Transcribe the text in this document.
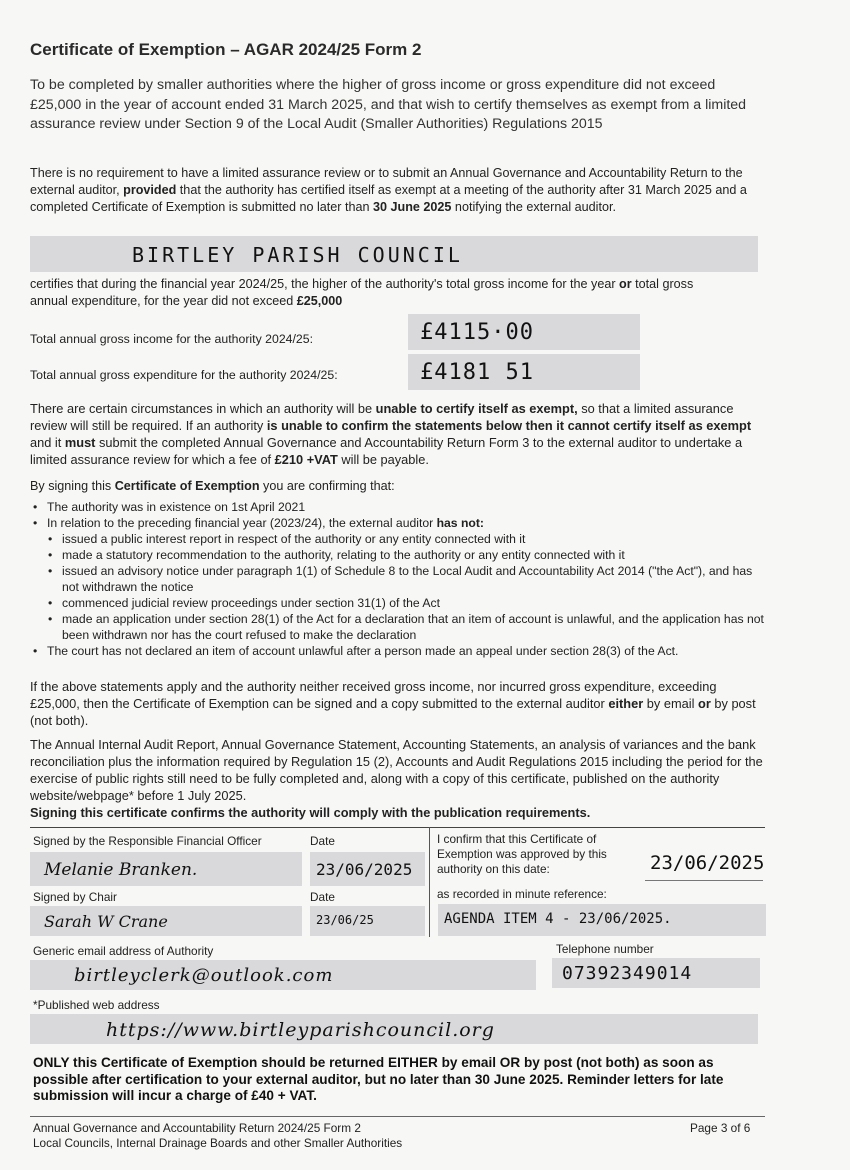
Certificate of Exemption – AGAR 2024/25 Form 2
To be completed by smaller authorities where the higher of gross income or gross expenditure did not exceed £25,000 in the year of account ended 31 March 2025, and that wish to certify themselves as exempt from a limited assurance review under Section 9 of the Local Audit (Smaller Authorities) Regulations 2015
There is no requirement to have a limited assurance review or to submit an Annual Governance and Accountability Return to the external auditor, provided that the authority has certified itself as exempt at a meeting of the authority after 31 March 2025 and a completed Certificate of Exemption is submitted no later than 30 June 2025 notifying the external auditor.
BIRTLEY PARISH COUNCIL
certifies that during the financial year 2024/25, the higher of the authority's total gross income for the year or total gross annual expenditure, for the year did not exceed £25,000
Total annual gross income for the authority 2024/25:	£4115·00
Total annual gross expenditure for the authority 2024/25:	£4181 51
There are certain circumstances in which an authority will be unable to certify itself as exempt, so that a limited assurance review will still be required. If an authority is unable to confirm the statements below then it cannot certify itself as exempt and it must submit the completed Annual Governance and Accountability Return Form 3 to the external auditor to undertake a limited assurance review for which a fee of £210 +VAT will be payable.
By signing this Certificate of Exemption you are confirming that:
• The authority was in existence on 1st April 2021
• In relation to the preceding financial year (2023/24), the external auditor has not:
• issued a public interest report in respect of the authority or any entity connected with it
• made a statutory recommendation to the authority, relating to the authority or any entity connected with it
• issued an advisory notice under paragraph 1(1) of Schedule 8 to the Local Audit and Accountability Act 2014 ("the Act"), and has not withdrawn the notice
• commenced judicial review proceedings under section 31(1) of the Act
• made an application under section 28(1) of the Act for a declaration that an item of account is unlawful, and the application has not been withdrawn nor has the court refused to make the declaration
• The court has not declared an item of account unlawful after a person made an appeal under section 28(3) of the Act.
If the above statements apply and the authority neither received gross income, nor incurred gross expenditure, exceeding £25,000, then the Certificate of Exemption can be signed and a copy submitted to the external auditor either by email or by post (not both).
The Annual Internal Audit Report, Annual Governance Statement, Accounting Statements, an analysis of variances and the bank reconciliation plus the information required by Regulation 15 (2), Accounts and Audit Regulations 2015 including the period for the exercise of public rights still need to be fully completed and, along with a copy of this certificate, published on the authority website/webpage* before 1 July 2025.
Signing this certificate confirms the authority will comply with the publication requirements.
Signed by the Responsible Financial Officer	Date	I confirm that this Certificate of Exemption was approved by this authority on this date:
Melanie Branken.	23/06/2025	23/06/2025
Signed by Chair	Date	as recorded in minute reference:
Sarah W Crane	23/06/25	AGENDA ITEM 4 - 23/06/2025.
Generic email address of Authority	Telephone number
birtleyclerk@outlook.com	07392349014
*Published web address
https://www.birtleyparishcouncil.org
ONLY this Certificate of Exemption should be returned EITHER by email OR by post (not both) as soon as possible after certification to your external auditor, but no later than 30 June 2025. Reminder letters for late submission will incur a charge of £40 + VAT.
Annual Governance and Accountability Return 2024/25 Form 2
Local Councils, Internal Drainage Boards and other Smaller Authorities
Page 3 of 6
